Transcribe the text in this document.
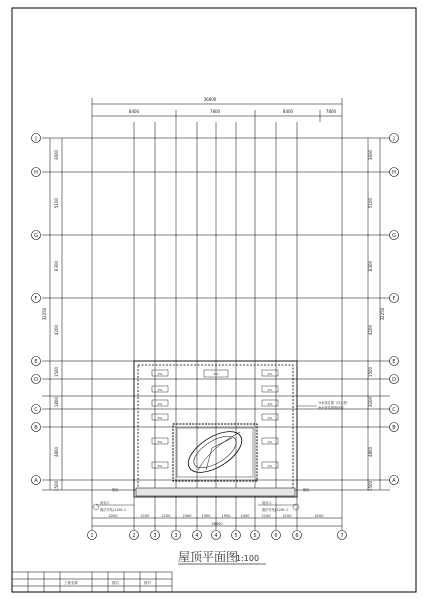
36600
8400	7800	8400	7800
32250
3600
5100
6300
4200
1500
1800
4800
1500
32250
3600
5100
6300
4200
1500
3000
4800
1500
J	J
H	H
G	G
F	F
E	E
D	D
C	C
B	B
A	A
2%
2%
2%
2%
2%
2%
2%
2%
2%
2%
2%
2%
2%
分水线位置（详大样）
雨水管详建施说明
檐沟	檐沟
雨水口
做法详见J.1201-1
雨水口
做法详见J.1201-1
4200	2100	2100	2400	1950	1950	2400	2100	2100	4200
36600
1	2	3	3	4	4	5	5	6	6	7
屋顶平面图
1:100
工程名称	图名	图号
